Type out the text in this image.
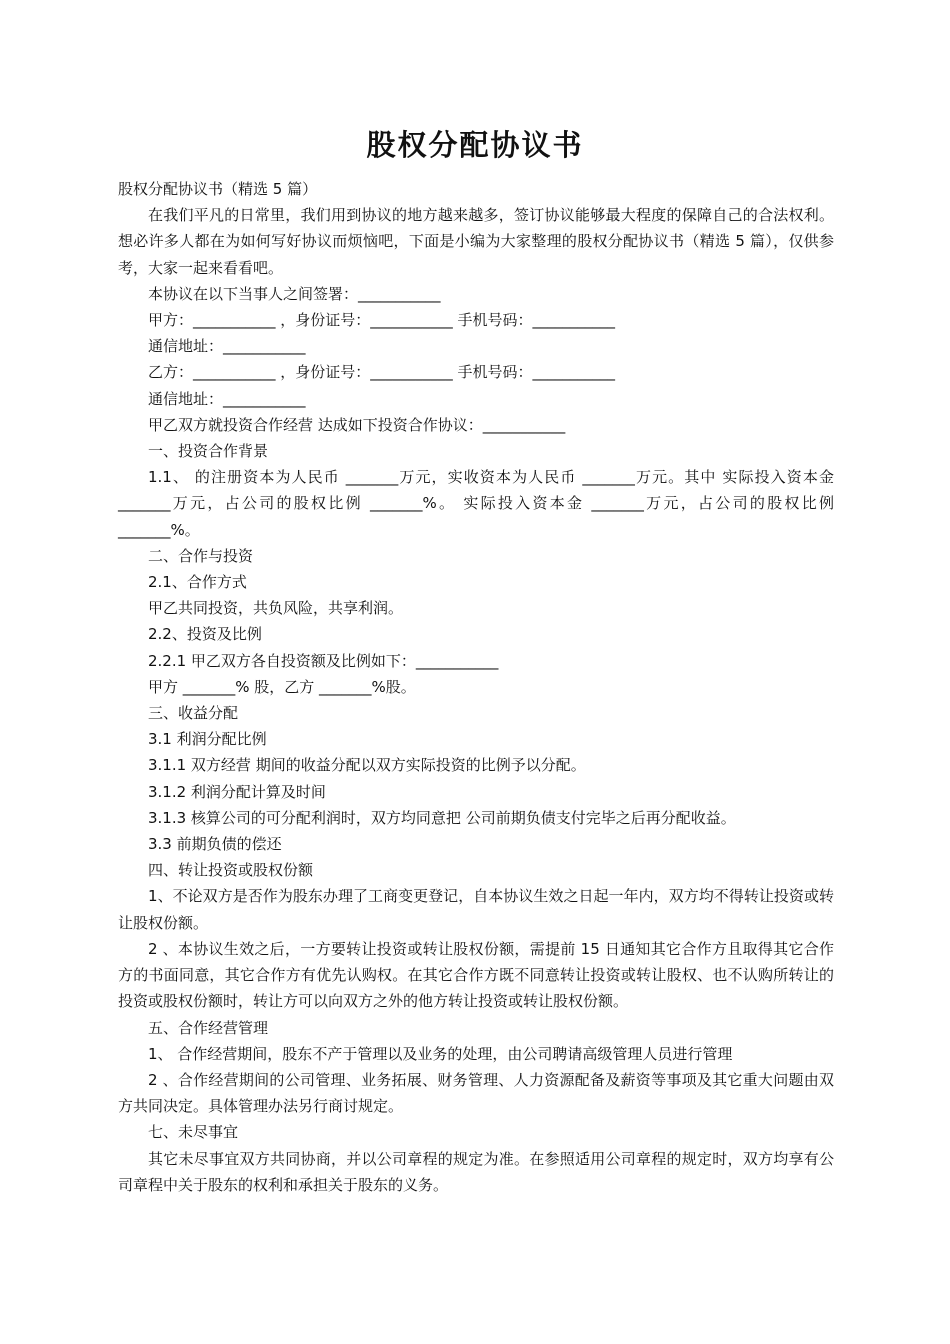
股权分配协议书

股权分配协议书（精选 5 篇）

在我们平凡的日常里，我们用到协议的地方越来越多，签订协议能够最大程度的保障自己的合法权利。想必许多人都在为如何写好协议而烦恼吧，下面是小编为大家整理的股权分配协议书（精选 5 篇），仅供参考，大家一起来看看吧。

本协议在以下当事人之间签署：___________

甲方：___________ ，身份证号：___________ 手机号码：___________

通信地址：___________

乙方：___________ ，身份证号：___________ 手机号码：___________

通信地址：___________

甲乙双方就投资合作经营 达成如下投资合作协议：___________

一、投资合作背景

1.1、 的注册资本为人民币 _______万元，实收资本为人民币 _______万元。其中 实际投入资本金 _______万元，占公司的股权比例 _______%。 实际投入资本金 _______万元，占公司的股权比例 _______%。

二、合作与投资

2.1、合作方式

甲乙共同投资，共负风险，共享利润。

2.2、投资及比例

2.2.1 甲乙双方各自投资额及比例如下：___________

甲方 _______% 股，乙方 _______%股。

三、收益分配

3.1 利润分配比例

3.1.1 双方经营 期间的收益分配以双方实际投资的比例予以分配。

3.1.2 利润分配计算及时间

3.1.3 核算公司的可分配利润时，双方均同意把 公司前期负债支付完毕之后再分配收益。

3.3 前期负债的偿还

四、转让投资或股权份额

1、不论双方是否作为股东办理了工商变更登记，自本协议生效之日起一年内，双方均不得转让投资或转让股权份额。

2 、本协议生效之后，一方要转让投资或转让股权份额，需提前 15 日通知其它合作方且取得其它合作方的书面同意，其它合作方有优先认购权。在其它合作方既不同意转让投资或转让股权、也不认购所转让的投资或股权份额时，转让方可以向双方之外的他方转让投资或转让股权份额。

五、合作经营管理

1、 合作经营期间，股东不产于管理以及业务的处理，由公司聘请高级管理人员进行管理

2 、合作经营期间的公司管理、业务拓展、财务管理、人力资源配备及薪资等事项及其它重大问题由双方共同决定。具体管理办法另行商讨规定。

七、未尽事宜

其它未尽事宜双方共同协商，并以公司章程的规定为准。在参照适用公司章程的规定时，双方均享有公司章程中关于股东的权利和承担关于股东的义务。
